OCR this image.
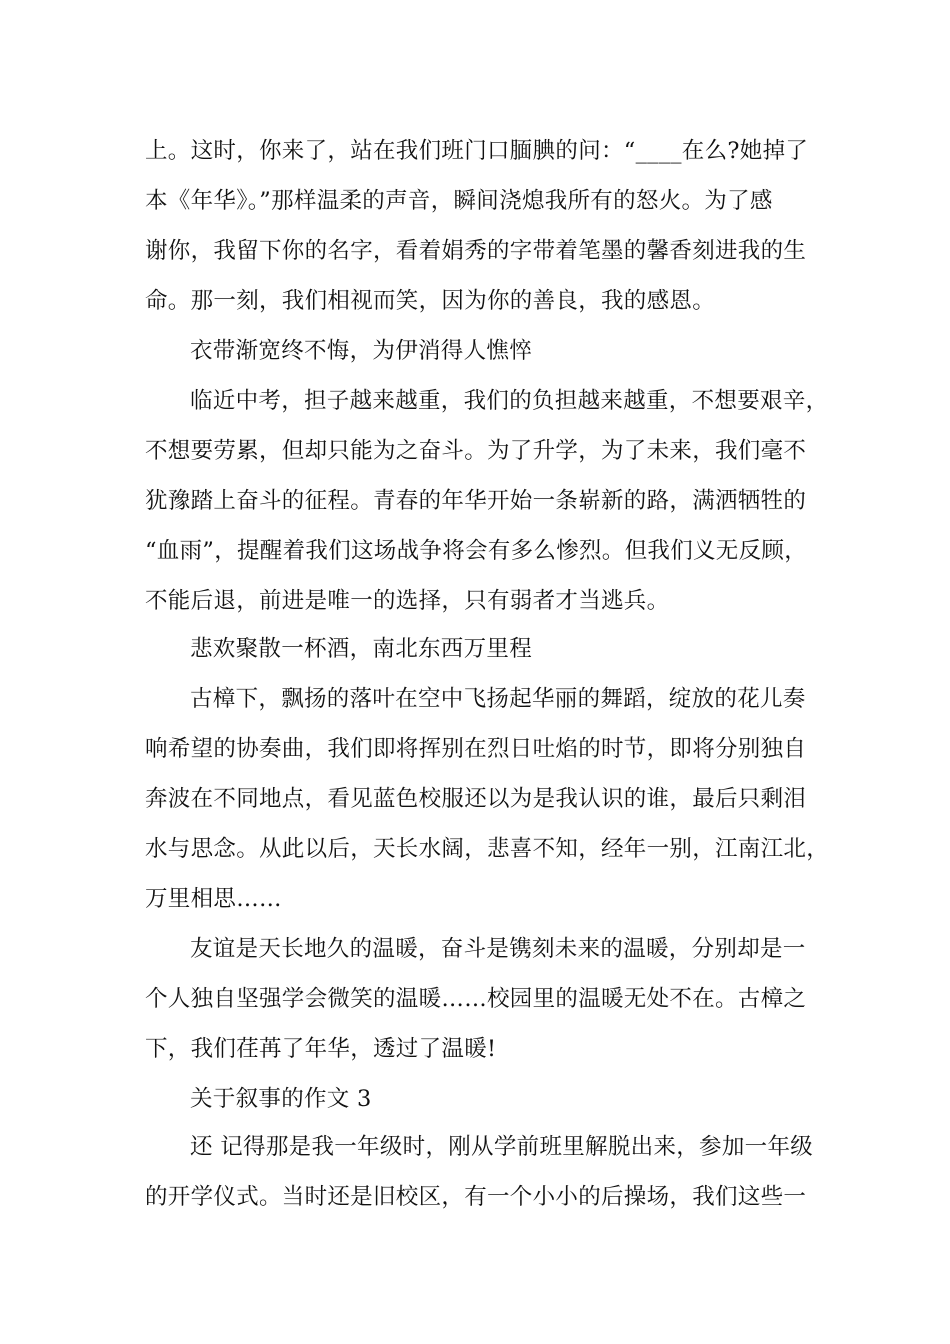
上。这时，你来了，站在我们班门口腼腆的问：“____在么?她掉了
本《年华》。”那样温柔的声音，瞬间浇熄我所有的怒火。为了感
谢你，我留下你的名字，看着娟秀的字带着笔墨的馨香刻进我的生
命。那一刻，我们相视而笑，因为你的善良，我的感恩。
衣带渐宽终不悔，为伊消得人憔悴
临近中考，担子越来越重，我们的负担越来越重，不想要艰辛，
不想要劳累，但却只能为之奋斗。为了升学，为了未来，我们毫不
犹豫踏上奋斗的征程。青春的年华开始一条崭新的路，满洒牺牲的
“血雨”，提醒着我们这场战争将会有多么惨烈。但我们义无反顾，
不能后退，前进是唯一的选择，只有弱者才当逃兵。
悲欢聚散一杯酒，南北东西万里程
古樟下，飘扬的落叶在空中飞扬起华丽的舞蹈，绽放的花儿奏
响希望的协奏曲，我们即将挥别在烈日吐焰的时节，即将分别独自
奔波在不同地点，看见蓝色校服还以为是我认识的谁，最后只剩泪
水与思念。从此以后，天长水阔，悲喜不知，经年一别，江南江北，
万里相思……
友谊是天长地久的温暖，奋斗是镌刻未来的温暖，分别却是一
个人独自坚强学会微笑的温暖……校园里的温暖无处不在。古樟之
下，我们荏苒了年华，透过了温暖!
关于叙事的作文 3
还 记得那是我一年级时，刚从学前班里解脱出来，参加一年级
的开学仪式。当时还是旧校区，有一个小小的后操场，我们这些一
